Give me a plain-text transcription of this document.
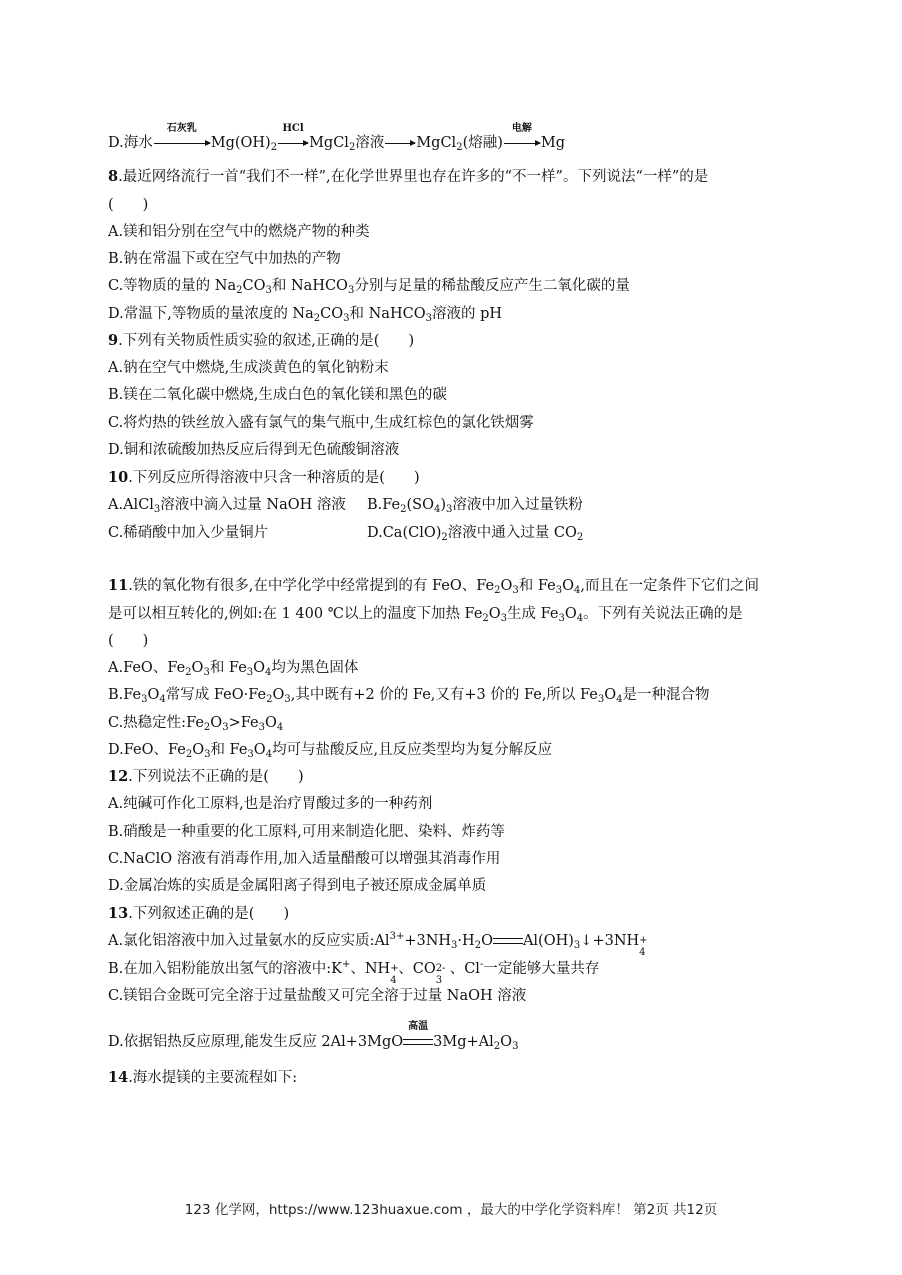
D.海水
石灰乳
$Mg(OH)_2$
HCl
MgCl$_2$溶液 MgCl$_2$(熔融)
电解
Mg
8.最近网络流行一首“我们不一样”,在化学世界里也存在许多的“不一样”。下列说法“一样”的是
(　　)
A.镁和铝分别在空气中的燃烧产物的种类
B.钠在常温下或在空气中加热的产物
C.等物质的量的 $Na_2CO_3$和 NaHCO$_3$分别与足量的稀盐酸反应产生二氧化碳的量
D.常温下,等物质的量浓度的 $Na_2CO_3$和 NaHCO$_3$溶液的 pH
9.下列有关物质性质实验的叙述,正确的是(　　)
A.钠在空气中燃烧,生成淡黄色的氧化钠粉末
B.镁在二氧化碳中燃烧,生成白色的氧化镁和黑色的碳
C.将灼热的铁丝放入盛有氯气的集气瓶中,生成红棕色的氯化铁烟雾
D.铜和浓硫酸加热反应后得到无色硫酸铜溶液
10.下列反应所得溶液中只含一种溶质的是(　　)
A.AlCl$_3$溶液中滴入过量 NaOH 溶液 $B.Fe_2(SO_4)_3$溶液中加入过量铁粉
C.稀硝酸中加入少量铜片	$D.Ca(ClO)_2$溶液中通入过量 $CO_2$
11.铁的氧化物有很多,在中学化学中经常提到的有 FeO、$Fe_2O_3$和 $Fe_3O_4$,而且在一定条件下它们之间
是可以相互转化的,例如:在 1 400 ℃以上的温度下加热 $Fe_2O_3$生成 $Fe_3O_4$。下列有关说法正确的是
(　　)
A.FeO、$Fe_2O_3$和 $Fe_3O_4$均为黑色固体
$B.Fe_3O_4$常写成 $FeO\cdot Fe_2O_3$,其中既有+2 价的 Fe,又有+3 价的 Fe,所以 $Fe_3O_4$是一种混合物
C.热稳定性$:Fe_2O_3>Fe_3O_4$
D.FeO、$Fe_2O_3$和 $Fe_3O_4$均可与盐酸反应,且反应类型均为复分解反应
12.下列说法不正确的是(　　)
A.纯碱可作化工原料,也是治疗胃酸过多的一种药剂
B.硝酸是一种重要的化工原料,可用来制造化肥、染料、炸药等
C.NaClO 溶液有消毒作用,加入适量醋酸可以增强其消毒作用
D.金属冶炼的实质是金属阳离子得到电子被还原成金属单质
13.下列叙述正确的是(　　)
A.氯化铝溶液中加入过量氨水的反应实质$:Al^{3+}+3NH_3\cdot H_2O$ $Al(OH)_3↓+3NH$ +
4
B.在加入铝粉能放出氢气的溶液中:K+、NH +
4
、CO 2-
3
、Cl-一定能够大量共存
C.镁铝合金既可完全溶于过量盐酸又可完全溶于过量 NaOH 溶液
D.依据铝热反应原理,能发生反应 2Al+3MgO
高温
$3Mg+Al_2O_3$
14.海水提镁的主要流程如下:
123 化学网，https://www.123huaxue.com ，最大的中学化学资料库！ 第2页 共12页
